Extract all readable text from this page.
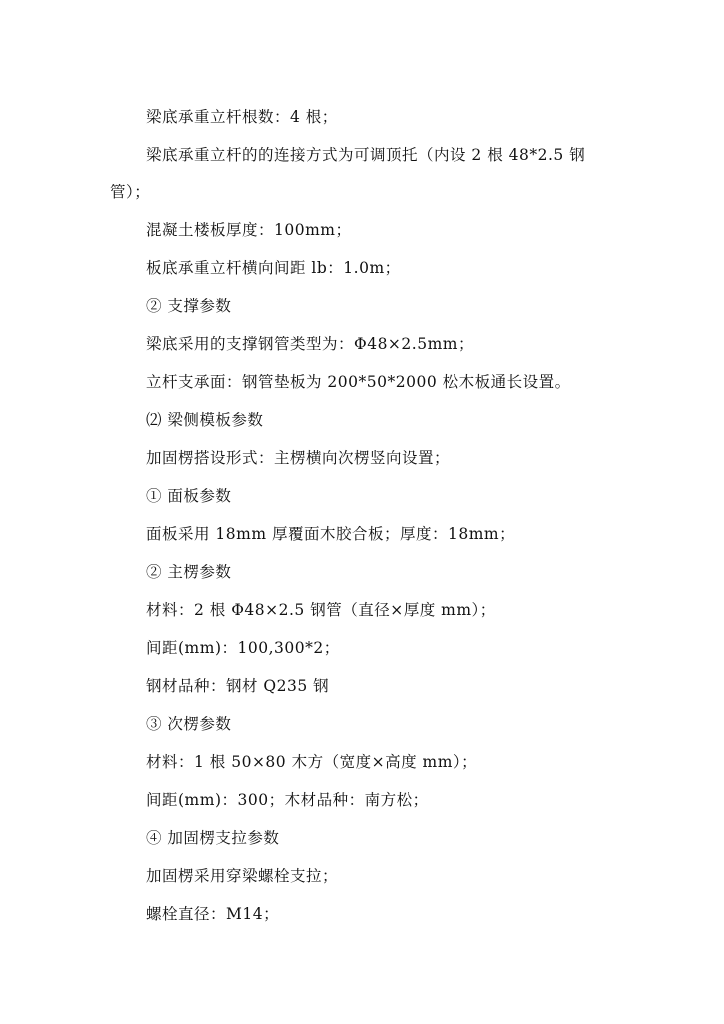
梁底承重立杆根数：4 根；
梁底承重立杆的的连接方式为可调顶托（内设 2 根 48*2.5 钢
管）；
混凝土楼板厚度：100mm；
板底承重立杆横向间距 lb：1.0m；
② 支撑参数
梁底采用的支撑钢管类型为：Φ48×2.5mm；
立杆支承面：钢管垫板为 200*50*2000 松木板通长设置。
⑵ 梁侧模板参数
加固楞搭设形式：主楞横向次楞竖向设置；
① 面板参数
面板采用 18mm 厚覆面木胶合板；厚度：18mm；
② 主楞参数
材料：2 根 Φ48×2.5 钢管（直径×厚度 mm）；
间距(mm)：100,300*2；
钢材品种：钢材 Q235 钢
③ 次楞参数
材料：1 根 50×80 木方（宽度×高度 mm）；
间距(mm)：300；木材品种：南方松；
④ 加固楞支拉参数
加固楞采用穿梁螺栓支拉；
螺栓直径：M14；
